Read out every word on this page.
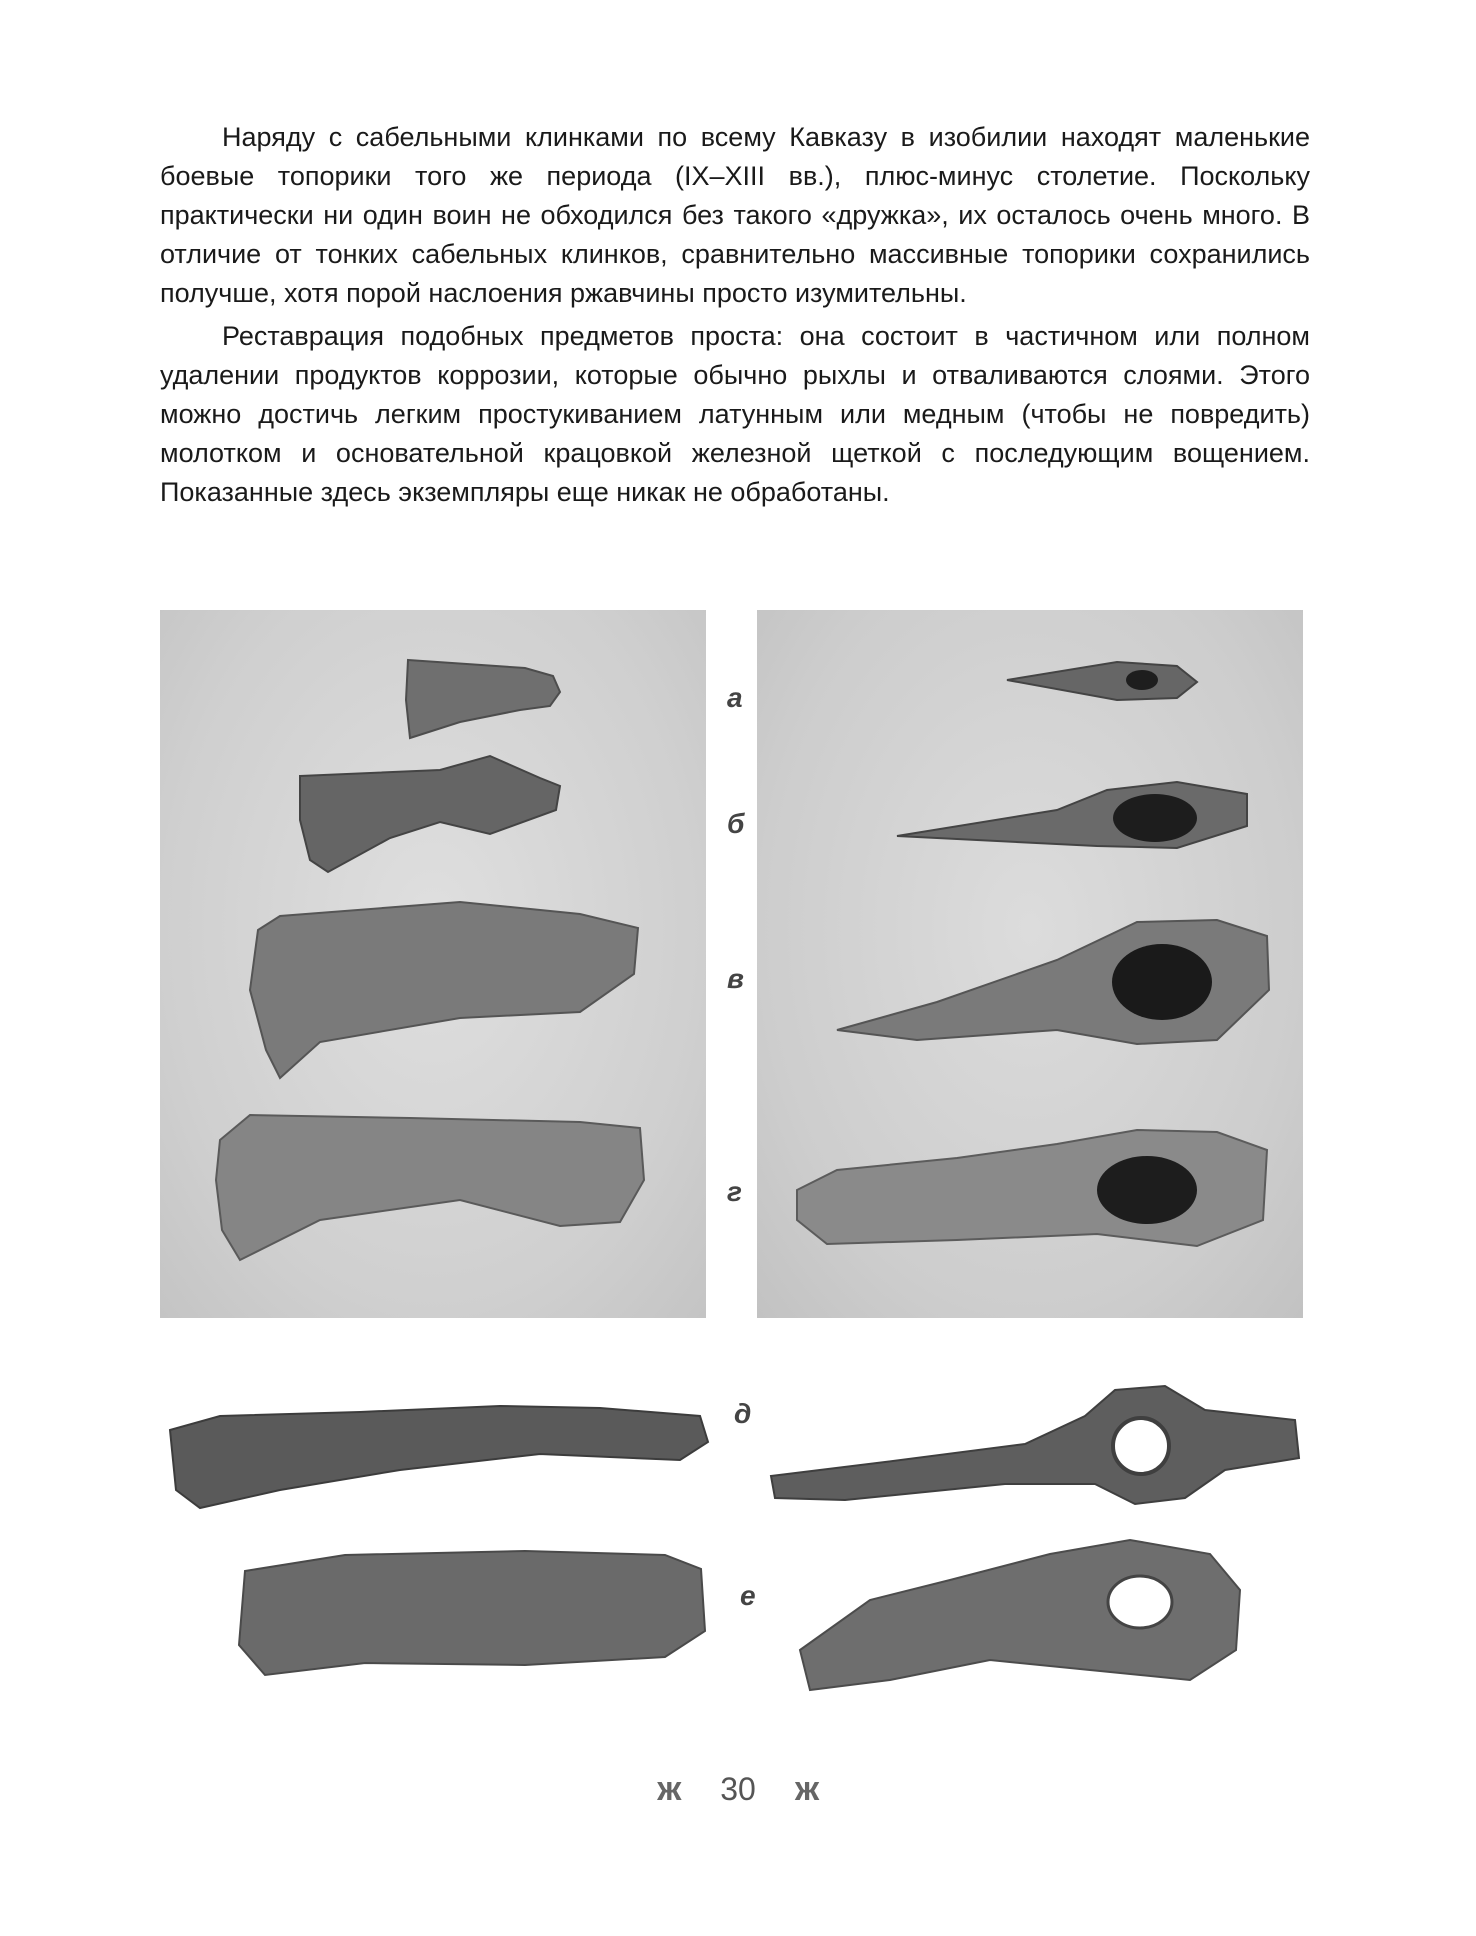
Наряду с сабельными клинками по всему Кавказу в изобилии находят маленькие боевые топорики того же периода (IX–XIII вв.), плюс-минус столетие. Поскольку практически ни один воин не обходился без такого «дружка», их осталось очень много. В отличие от тонких сабельных клинков, сравнительно массивные топорики сохранились получше, хотя порой наслоения ржавчины просто изумительны.

Реставрация подобных предметов проста: она состоит в частичном или полном удалении продуктов коррозии, которые обычно рыхлы и отваливаются слоями. Этого можно достичь легким простукиванием латунным или медным (чтобы не повредить) молотком и основательной крацовкой железной щеткой с последующим вощением. Показанные здесь экземпляры еще никак не обработаны.

а
б
в
г
д
е
ж 30 ж
